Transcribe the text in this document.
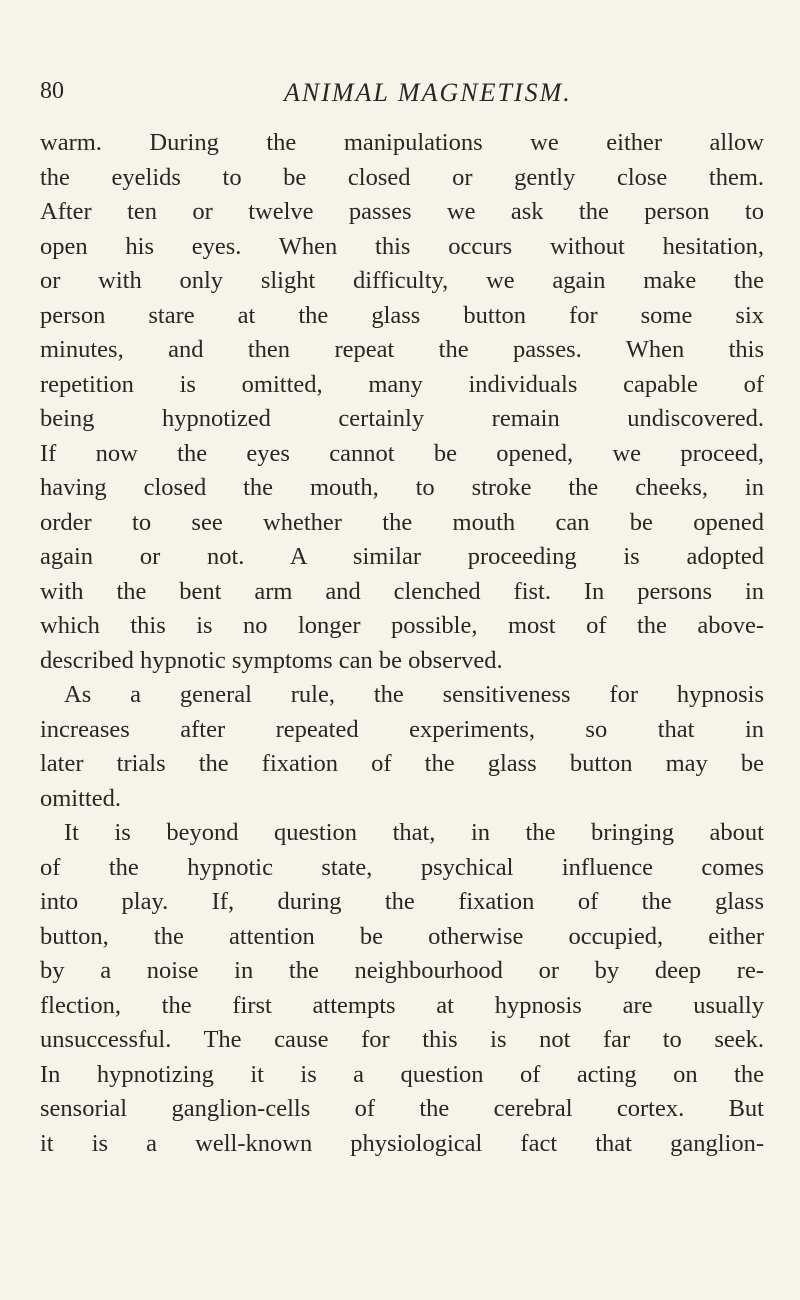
80	ANIMAL MAGNETISM.
warm. During the manipulations we either allow
the eyelids to be closed or gently close them.
After ten or twelve passes we ask the person to
open his eyes. When this occurs without hesitation,
or with only slight difficulty, we again make the
person stare at the glass button for some six
minutes, and then repeat the passes. When this
repetition is omitted, many individuals capable of
being hypnotized certainly remain undiscovered.
If now the eyes cannot be opened, we proceed,
having closed the mouth, to stroke the cheeks, in
order to see whether the mouth can be opened
again or not. A similar proceeding is adopted
with the bent arm and clenched fist. In persons in
which this is no longer possible, most of the above-
described hypnotic symptoms can be observed.
As a general rule, the sensitiveness for hypnosis
increases after repeated experiments, so that in
later trials the fixation of the glass button may be
omitted.
It is beyond question that, in the bringing about
of the hypnotic state, psychical influence comes
into play. If, during the fixation of the glass
button, the attention be otherwise occupied, either
by a noise in the neighbourhood or by deep re-
flection, the first attempts at hypnosis are usually
unsuccessful. The cause for this is not far to seek.
In hypnotizing it is a question of acting on the
sensorial ganglion-cells of the cerebral cortex. But
it is a well-known physiological fact that ganglion-
